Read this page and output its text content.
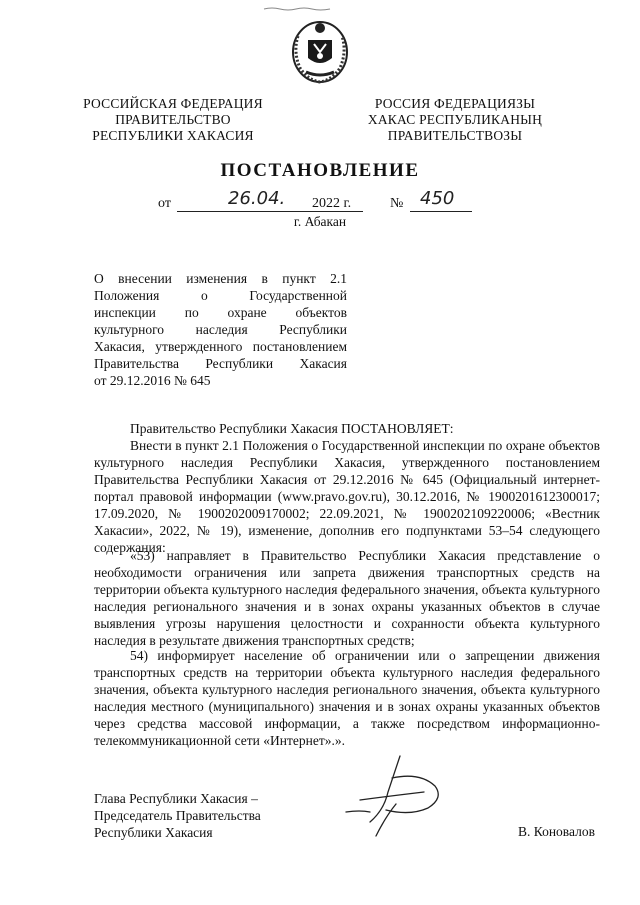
РОССИЙСКАЯ ФЕДЕРАЦИЯ
ПРАВИТЕЛЬСТВО
РЕСПУБЛИКИ ХАКАСИЯ
РОССИЯ ФЕДЕРАЦИЯЗЫ
ХАКАС РЕСПУБЛИКАНЫҢ
ПРАВИТЕЛЬСТВОЗЫ
ПОСТАНОВЛЕНИЕ
от	26.04. 2022 г.	№ 450
г. Абакан
О внесении изменения в пункт 2.1
Положения о Государственной
инспекции по охране объектов
культурного наследия Республики
Хакасия, утвержденного постановлением
Правительства Республики Хакасия
от 29.12.2016 № 645
Правительство Республики Хакасия ПОСТАНОВЛЯЕТ:
Внести в пункт 2.1 Положения о Государственной инспекции по охране объектов культурного наследия Республики Хакасия, утвержденного постановлением Правительства Республики Хакасия от 29.12.2016 № 645 (Официальный интернет-портал правовой информации (www.pravo.gov.ru), 30.12.2016, № 1900201612300017; 17.09.2020, № 1900202009170002; 22.09.2021, № 1900202109220006; «Вестник Хакасии», 2022, № 19), изменение, дополнив его подпунктами 53–54 следующего содержания:
«53) направляет в Правительство Республики Хакасия представление о необходимости ограничения или запрета движения транспортных средств на территории объекта культурного наследия федерального значения, объекта культурного наследия регионального значения и в зонах охраны указанных объектов в случае выявления угрозы нарушения целостности и сохранности объекта культурного наследия в результате движения транспортных средств;
54) информирует население об ограничении или о запрещении движения транспортных средств на территории объекта культурного наследия федерального значения, объекта культурного наследия регионального значения, объекта культурного наследия местного (муниципального) значения и в зонах охраны указанных объектов через средства массовой информации, а также посредством информационно-телекоммуникационной сети «Интернет».».
Глава Республики Хакасия –
Председатель Правительства
Республики Хакасия	В. Коновалов
